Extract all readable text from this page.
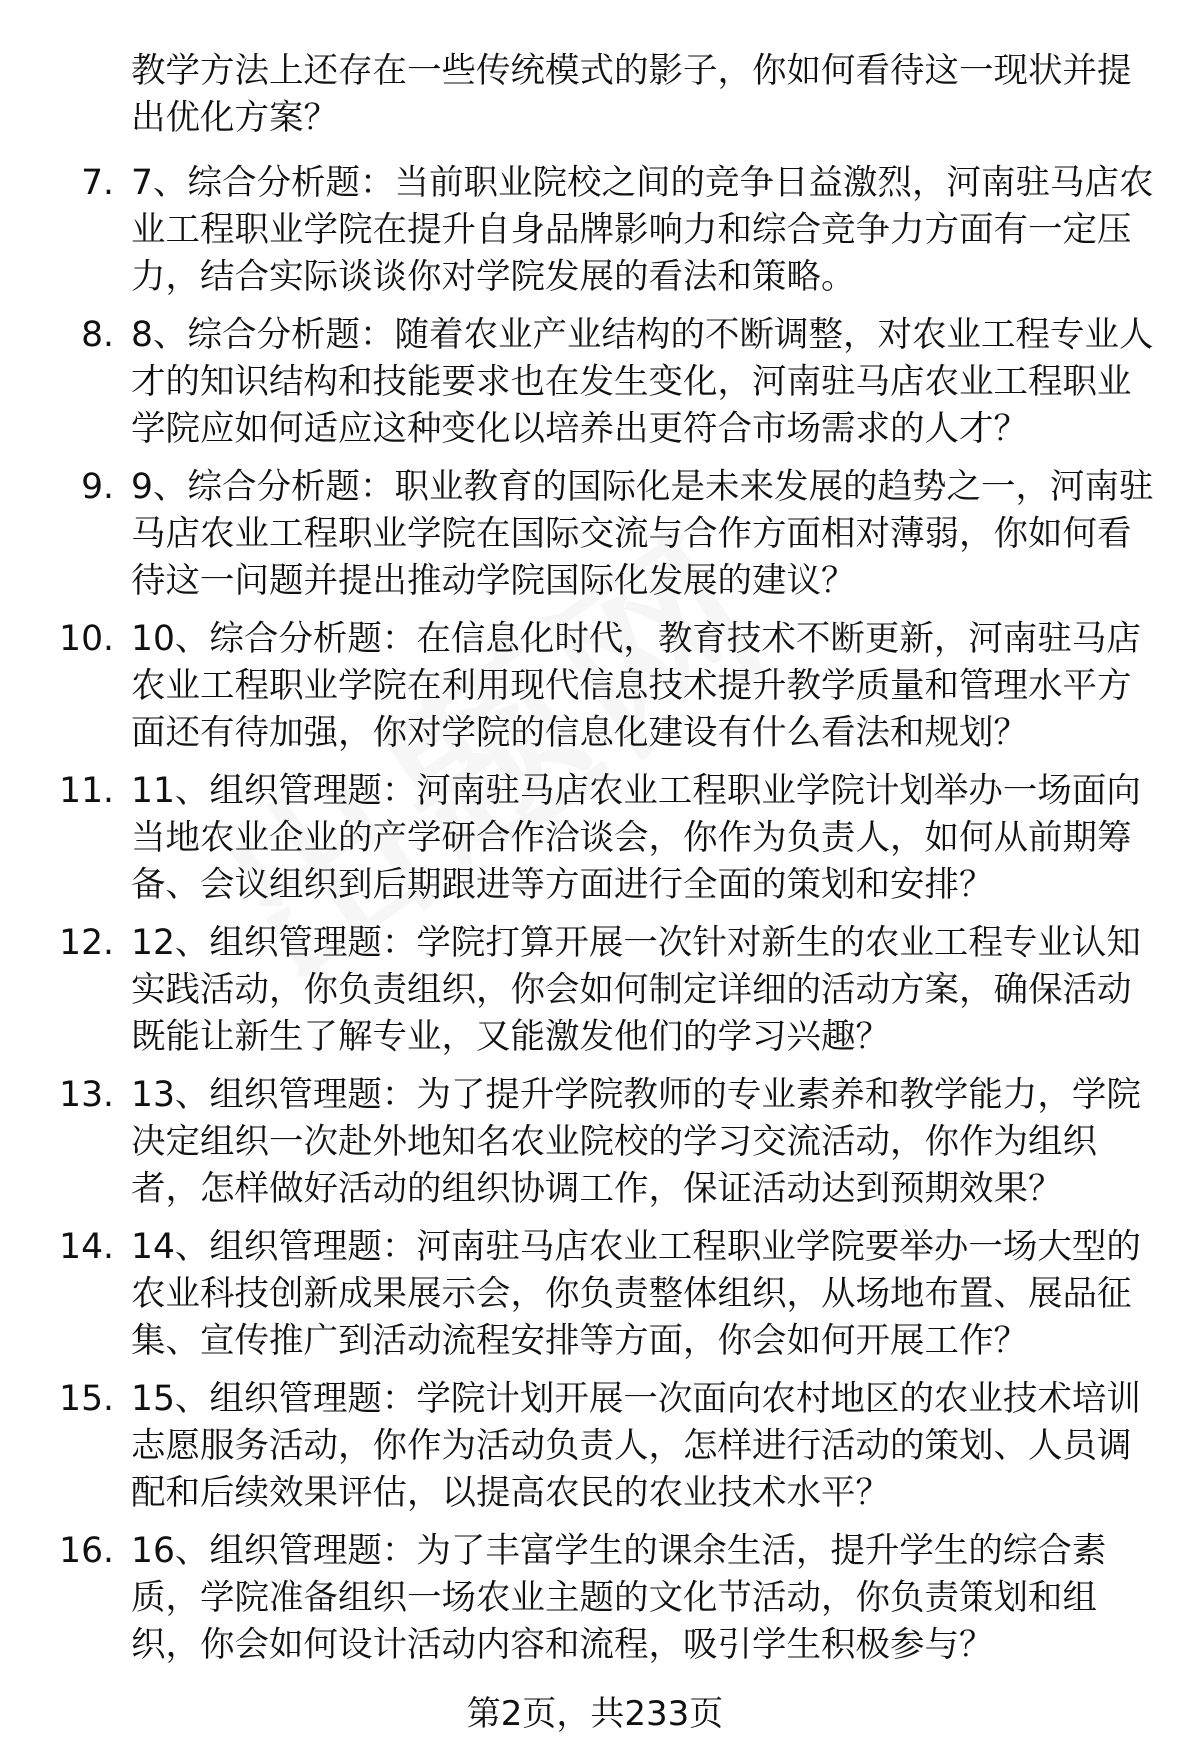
教学方法上还存在一些传统模式的影子，你如何看待这一现状并提出优化方案？
7. 7、综合分析题：当前职业院校之间的竞争日益激烈，河南驻马店农业工程职业学院在提升自身品牌影响力和综合竞争力方面有一定压力，结合实际谈谈你对学院发展的看法和策略。
8. 8、综合分析题：随着农业产业结构的不断调整，对农业工程专业人才的知识结构和技能要求也在发生变化，河南驻马店农业工程职业学院应如何适应这种变化以培养出更符合市场需求的人才？
9. 9、综合分析题：职业教育的国际化是未来发展的趋势之一，河南驻马店农业工程职业学院在国际交流与合作方面相对薄弱，你如何看待这一问题并提出推动学院国际化发展的建议？
10. 10、综合分析题：在信息化时代，教育技术不断更新，河南驻马店农业工程职业学院在利用现代信息技术提升教学质量和管理水平方面还有待加强，你对学院的信息化建设有什么看法和规划？
11. 11、组织管理题：河南驻马店农业工程职业学院计划举办一场面向当地农业企业的产学研合作洽谈会，你作为负责人，如何从前期筹备、会议组织到后期跟进等方面进行全面的策划和安排？
12. 12、组织管理题：学院打算开展一次针对新生的农业工程专业认知实践活动，你负责组织，你会如何制定详细的活动方案，确保活动既能让新生了解专业，又能激发他们的学习兴趣？
13. 13、组织管理题：为了提升学院教师的专业素养和教学能力，学院决定组织一次赴外地知名农业院校的学习交流活动，你作为组织者，怎样做好活动的组织协调工作，保证活动达到预期效果？
14. 14、组织管理题：河南驻马店农业工程职业学院要举办一场大型的农业科技创新成果展示会，你负责整体组织，从场地布置、展品征集、宣传推广到活动流程安排等方面，你会如何开展工作？
15. 15、组织管理题：学院计划开展一次面向农村地区的农业技术培训志愿服务活动，你作为活动负责人，怎样进行活动的策划、人员调配和后续效果评估，以提高农民的农业技术水平？
16. 16、组织管理题：为了丰富学生的课余生活，提升学生的综合素质，学院准备组织一场农业主题的文化节活动，你负责策划和组织，你会如何设计活动内容和流程，吸引学生积极参与？
第2页，共233页
